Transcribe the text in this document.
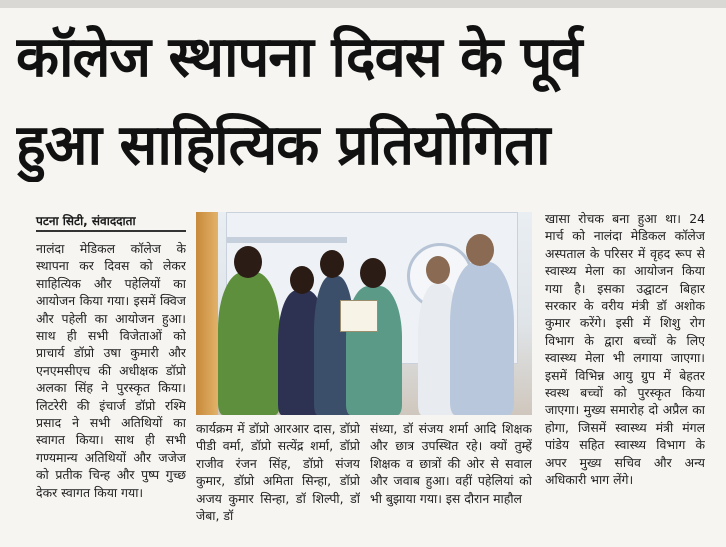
कॉलेज स्थापना दिवस के पूर्व
हुआ साहित्यिक प्रतियोगिता
पटना सिटी, संवाददाता
नालंदा मेडिकल कॉलेज के स्थापना कर दिवस को लेकर साहित्यिक और पहेलियों का आयोजन किया गया। इसमें क्विज और पहेली का आयोजन हुआ। साथ ही सभी विजेताओं को प्राचार्य डॉप्रो उषा कुमारी और एनएमसीएच की अधीक्षक डॉप्रो अलका सिंह ने पुरस्कृत किया। लिटरेरी की इंचार्ज डॉप्रो रश्मि प्रसाद ने सभी अतिथियों का स्वागत किया। साथ ही सभी गण्यमान्य अतिथियों और जजेज को प्रतीक चिन्ह और पुष्प गुच्छ देकर स्वागत किया गया।
कार्यक्रम में डॉप्रो आरआर दास, डॉप्रो पीडी वर्मा, डॉप्रो सत्येंद्र शर्मा, डॉप्रो राजीव रंजन सिंह, डॉप्रो संजय कुमार, डॉप्रो अमिता सिन्हा, डॉप्रो अजय कुमार सिन्हा, डॉ शिल्पी, डॉ जेबा, डॉ
संध्या, डॉ संजय शर्मा आदि शिक्षक और छात्र उपस्थित रहे। क्यों तुम्हें शिक्षक व छात्रों की ओर से सवाल और जवाब हुआ। वहीं पहेलियां को भी बुझाया गया। इस दौरान माहौल
खासा रोचक बना हुआ था। 24 मार्च को नालंदा मेडिकल कॉलेज अस्पताल के परिसर में वृहद रूप से स्वास्थ्य मेला का आयोजन किया गया है। इसका उद्घाटन बिहार सरकार के वरीय मंत्री डॉ अशोक कुमार करेंगे। इसी में शिशु रोग विभाग के द्वारा बच्चों के लिए स्वास्थ्य मेला भी लगाया जाएगा। इसमें विभिन्न आयु ग्रुप में बेहतर स्वस्थ बच्चों को पुरस्कृत किया जाएगा। मुख्य समारोह दो अप्रैल का होगा, जिसमें स्वास्थ्य मंत्री मंगल पांडेय सहित स्वास्थ्य विभाग के अपर मुख्य सचिव और अन्य अधिकारी भाग लेंगे।
